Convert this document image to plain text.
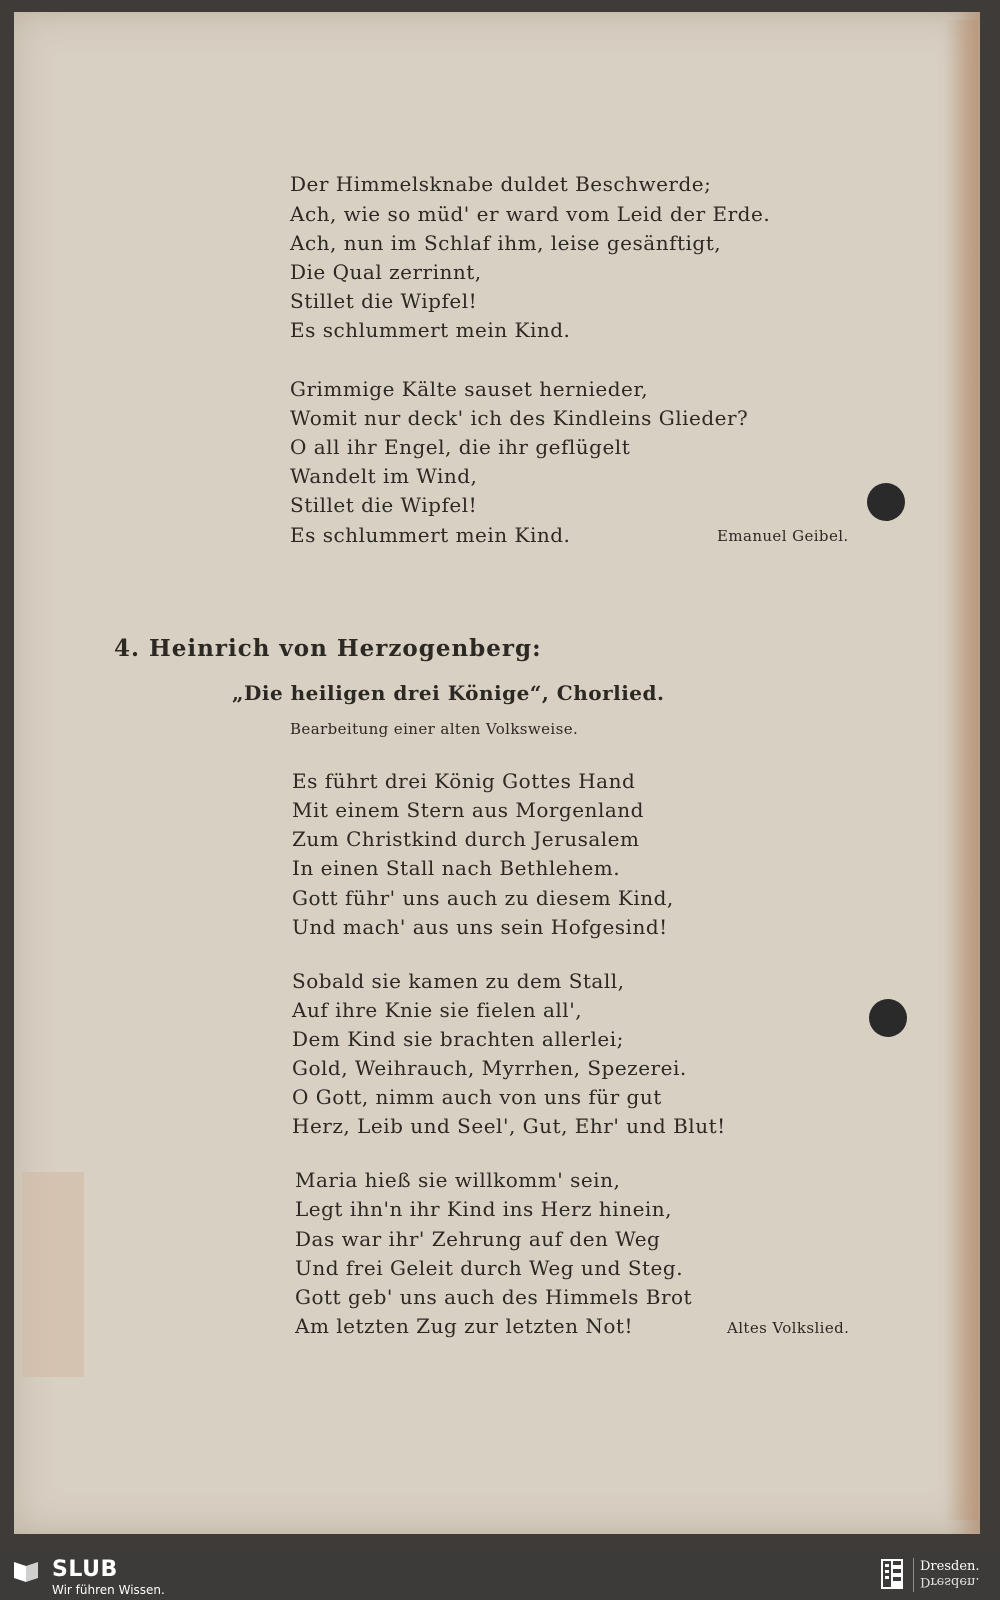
Der Himmelsknabe duldet Beschwerde;

Ach, wie so müd' er ward vom Leid der Erde.

Ach, nun im Schlaf ihm, leise gesänftigt,

Die Qual zerrinnt,

Stillet die Wipfel!

Es schlummert mein Kind.

Grimmige Kälte sauset hernieder,

Womit nur deck' ich des Kindleins Glieder?

O all ihr Engel, die ihr geflügelt

Wandelt im Wind,

Stillet die Wipfel!

Es schlummert mein Kind.	Emanuel Geibel.

4. Heinrich von Herzogenberg:

„Die heiligen drei Könige“, Chorlied.

Bearbeitung einer alten Volksweise.

Es führt drei König Gottes Hand

Mit einem Stern aus Morgenland

Zum Christkind durch Jerusalem

In einen Stall nach Bethlehem.

Gott führ' uns auch zu diesem Kind,

Und mach' aus uns sein Hofgesind!

Sobald sie kamen zu dem Stall,

Auf ihre Knie sie fielen all',

Dem Kind sie brachten allerlei;

Gold, Weihrauch, Myrrhen, Spezerei.

O Gott, nimm auch von uns für gut

Herz, Leib und Seel', Gut, Ehr' und Blut!

Maria hieß sie willkomm' sein,

Legt ihn'n ihr Kind ins Herz hinein,

Das war ihr' Zehrung auf den Weg

Und frei Geleit durch Weg und Steg.

Gott geb' uns auch des Himmels Brot

Am letzten Zug zur letzten Not!	Altes Volkslied.

SLUB
Wir führen Wissen.
Dresden.
Dresden.
